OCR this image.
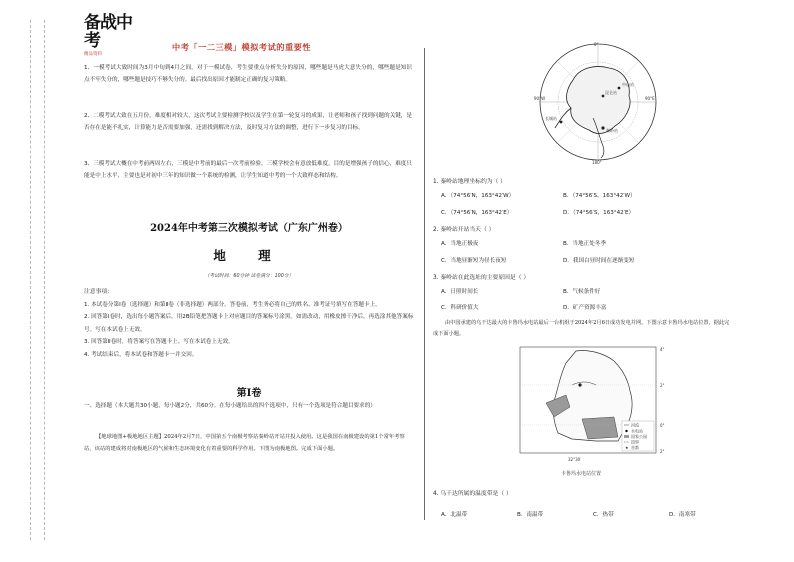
备战中考
精品资料
中考「一二三模」模拟考试的重要性
1、一模考试大致时间为3月中旬到4月之间，对于一模试卷，考生要重点分析失分的原因，哪些题是马虎大意失分的，哪些题是知识点不牢失分的，哪些题是技巧不够失分的。最后找出原因才能制定正确的复习策略。
2、二模考试大致在五月份，难度相对较大，这次考试主要检测学校以及学生在第一轮复习的成果，让老师和孩子找到问题的关键，是否存在是能不扎实，计算能力是否需要加强，还需找到解决方法，及时复习方法的调整，进行下一步复习的目标。
3、三模考试大概在中考前两周左右，三模是中考前的最后一次考前检验。三模学校会有意放低难度，目的是增强孩子的信心，难度只能是中上水平，主要也是对初中三年的知识做一个系统的检测，让学生知道中考的一个大致样态和结构。
2024年中考第三次模拟考试（广东广州卷）
地 理
（考试时间：60分钟 试卷满分：100分）
注意事项：
1. 本试卷分第Ⅰ卷（选择题）和第Ⅱ卷（非选择题）两部分。答卷前，考生务必将自己的姓名、准考证号填写在答题卡上。
2. 回答第Ⅰ卷时，选出每小题答案后，用2B铅笔把答题卡上对应题目的答案标号涂黑。如需改动，用橡皮擦干净后，再选涂其他答案标号。写在本试卷上无效。
3. 回答第Ⅱ卷时，将答案写在答题卡上。写在本试卷上无效。
4. 考试结束后，将本试卷和答题卡一并交回。
第Ⅰ卷
一、选择题（本大题共30小题，每小题2分，共60分。在每小题给出的四个选项中，只有一个选项是符合题目要求的）
【地球地图+极地地区主题】2024年2月7日，中国第五个南极考察站秦岭站开站并投入使用。这是我国在南极建设的第1个常年考察站，该站的建成将对南极地区的气候和生态环境变化有着重要的科学作用。下图为南极地图。完成下面小题。
90°W	90°E
180°
0°
秦岭站
中山站
长城站
昆仑站
1. 秦岭站地理坐标约为（ ）
A．（74°56′N，163°42′W）	B．（74°56′S，163°42′W）
C．（74°56′N，163°42′E）	D．（74°56′S，163°42′E）
2. 秦岭站开站当天（ ）
A．当地正极夜	B．当地正处冬季
C．当地昼渐短为昼长夜短	D．我国白昼时间在逐渐变短
3. 秦岭站在此选址的主要原因是（ ）
A．日照时间长	B．气候条件好
C．科研价值大	D．矿产资源丰富
由中国承建的乌干达最大的卡鲁玛水电站最后一台机组于2024年2月6日成功发电并网。下图示意卡鲁玛水电站位置，据此完成下面小题。
4°
2°
0°
2°
32°30′
河流
水电站
国家公园
国界
★ 首都
卡鲁玛水电站位置
4. 乌干达所属的温度带是（ ）
A．北温带	B．南温带	C．热带	D．南寒带
